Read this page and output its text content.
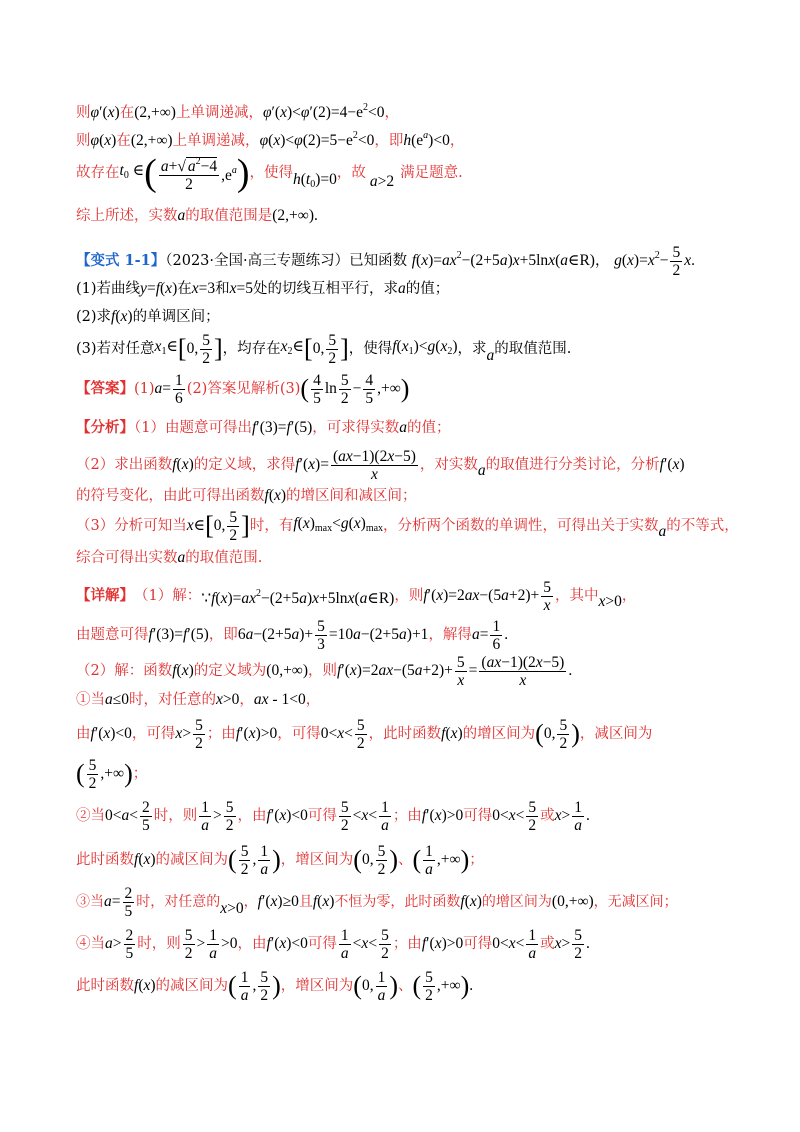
则φ′(x)在(2,+∞)上单调递减，$\varphi'(x)<\varphi'(2)=4-e^2<0$，
则φ(x)在(2,+∞)上单调递减，$\varphi(x)<\varphi(2)=5-e^2<0$，即$h(e^a)<0$，
故存在 $t_0$ ∈ ( $\frac{a+√ a^2-4}{2} ,e^a$ ) ，使得 $h(t_0)=0$ ，故 a>2 满足题意.
综上所述，实数a的取值范围是(2,+∞).
【变式 1-1】（2023·全国·高三专题练习）已知函数 $f(x)=ax^2-(2+5a)x+5\ln x(a\in R)$， $g(x)=x^2- \frac{5}{2} x$.
(1)若曲线y=f(x)在x=3和x=5处的切线互相平行，求a的值；
(2)求f(x)的单调区间；
(3)若对任意 $x_1\in$ [ 0, $\frac{5}{2}$ ] ，均存在 $x_2\in$ [ 0, $\frac{5}{2}$ ] ，使得 $f(x_1)<g(x_2)$ ，求 a 的取值范围.
【答案】 (1) $a= \frac{1}{6} (2)$答案见解析(3) ( $\frac{4}{5}$ $\ln \frac{5}{2} - \frac{4}{5}$ ,+∞ )
【分析】（1）由题意可得出f′(3)=f′(5)，可求得实数a的值；
（2）求出函数 f(x) 的定义域，求得 $f'(x)= \frac{(ax-1)(2x-5)}{x}$ ，对实数 a 的取值进行分类讨论，分析 f′(x)
的符号变化，由此可得出函数f(x)的增区间和减区间；
（3）分析可知当 x∈ [ 0, $\frac{5}{2}$ ] 时，有 $f(x)_{max}<g(x)_{max}$ ，分析两个函数的单调性，可得出关于实数 a 的不等式，
综合可得出实数a的取值范围.
【详解】 （1）解： $\because f(x)=ax^2-(2+5a)x+5\ln x(a\in R)$ ，则 $f'(x)=2ax-(5a+2)+ \frac{5}{x}$ ，其中 x>0 ，
由题意可得 f′(3)=f′(5) ，即 $6a-(2+5a)+ \frac{5}{3} =10a-(2+5a)+1$ ，解得 $a= \frac{1}{6}$ .
（2）解：函数 f(x) 的定义域为 (0,+∞) ，则 $f'(x)=2ax-(5a+2)+ \frac{5}{x} = \frac{(ax-1)(2x-5)}{x}$ .
①当a≤0时，对任意的x>0，ax - 1<0，
由 f′(x)<0 ，可得 $x> \frac{5}{2}$ ；由 f′(x)>0 ，可得 $0<x< \frac{5}{2}$ ，此时函数 f(x) 的增区间为 ( 0, $\frac{5}{2}$ ) ，减区间为
( $\frac{5}{2}$ ,+∞ ) ；
②当 $0<a< \frac{2}{5}$ 时，则 $\frac{1}{a} > \frac{5}{2}$ ， 由 f′(x)<0 可得 $\frac{5}{2} <x< \frac{1}{a}$ ；由 f′(x)>0 可得 $0<x< \frac{5}{2}$ 或 $x> \frac{1}{a}$ .
此时函数 f(x) 的减区间为 ( $\frac{5}{2}$ , $\frac{1}{a}$ ) ，增区间为 ( 0, $\frac{5}{2}$ ) 、 ( $\frac{1}{a}$ ,+∞ ) ；
③当 $a= \frac{2}{5}$ 时，对任意的 x>0 ， f′(x)≥0 且 f(x) 不恒为零，此时函数 f(x) 的增区间为 (0,+∞) ，无减区间；
④当 $a> \frac{2}{5}$ 时，则 $\frac{5}{2} > \frac{1}{a} >0$ ， 由 f′(x)<0 可得 $\frac{1}{a} <x< \frac{5}{2}$ ；由 f′(x)>0 可得 $0<x< \frac{1}{a}$ 或 $x> \frac{5}{2}$ .
此时函数 f(x) 的减区间为 ( $\frac{1}{a}$ , $\frac{5}{2}$ ) ，增区间为 ( 0, $\frac{1}{a}$ ) 、 ( $\frac{5}{2}$ ,+∞ ) .
